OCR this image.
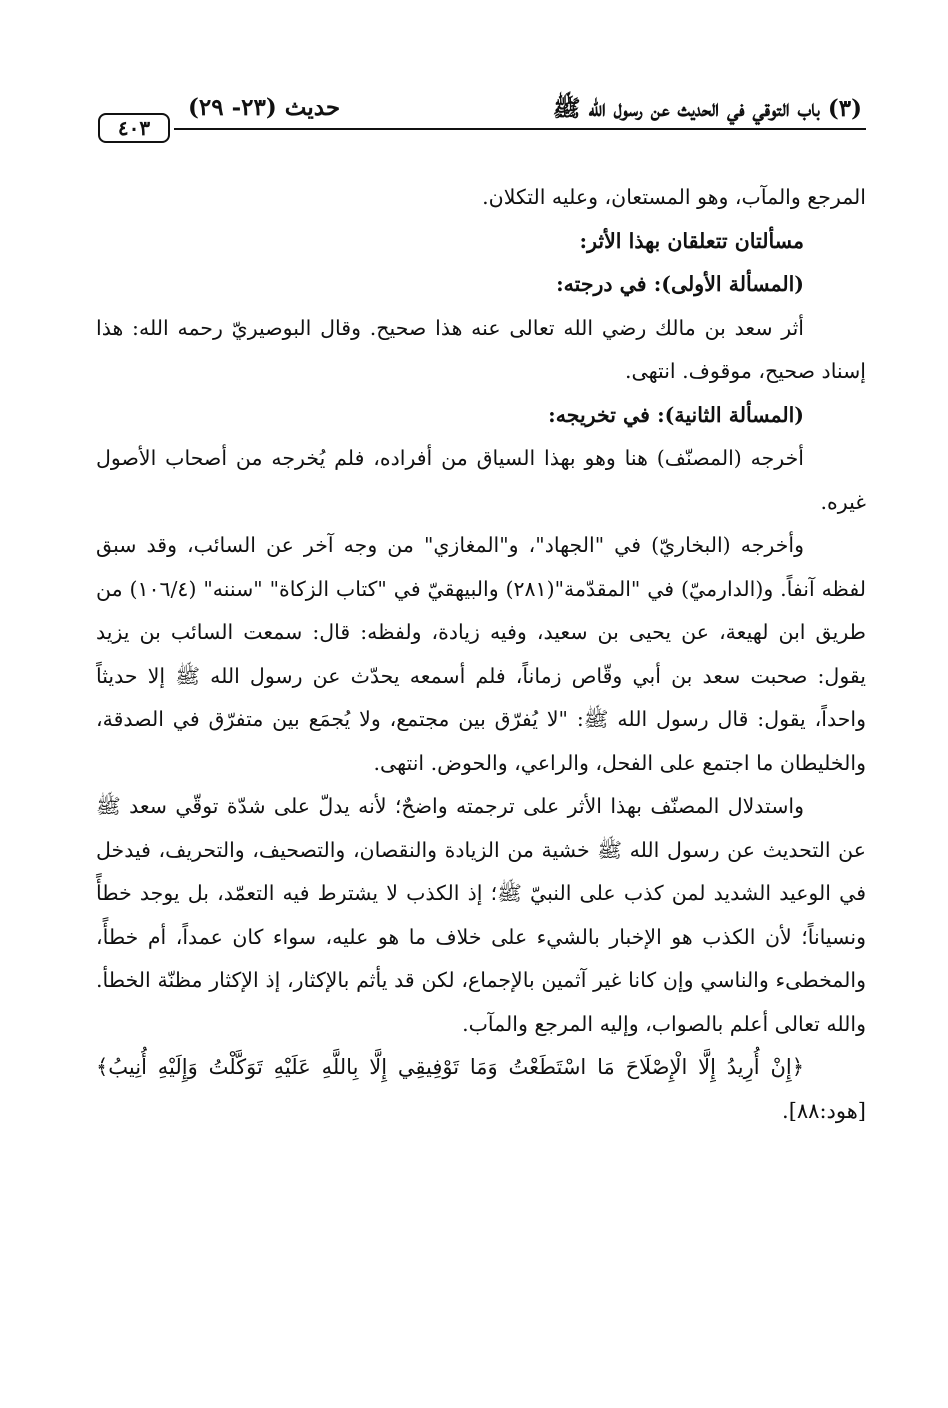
(٣) باب التوقي في الحديث عن رسول الله ﷺ
حديث (٢٣- ٢٩)
٤٠٣

المرجع والمآب، وهو المستعان، وعليه التكلان.

مسألتان تتعلقان بهذا الأثر:

(المسألة الأولى): في درجته:

أثر سعد بن مالك رضي الله تعالى عنه هذا صحيح. وقال البوصيريّ رحمه الله: هذا إسناد صحيح، موقوف. انتهى.

(المسألة الثانية): في تخريجه:

أخرجه (المصنّف) هنا وهو بهذا السياق من أفراده، فلم يُخرجه من أصحاب الأصول غيره.

وأخرجه (البخاريّ) في "الجهاد"، و"المغازي" من وجه آخر عن السائب، وقد سبق لفظه آنفاً. و(الدارميّ) في "المقدّمة"(٢٨١) والبيهقيّ في "كتاب الزكاة" "سننه" (١٠٦/٤) من طريق ابن لهيعة، عن يحيى بن سعيد، وفيه زيادة، ولفظه: قال: سمعت السائب بن يزيد يقول: صحبت سعد بن أبي وقّاص زماناً، فلم أسمعه يحدّث عن رسول الله ﷺ إلا حديثاً واحداً، يقول: قال رسول الله ﷺ: "لا يُفرّق بين مجتمع، ولا يُجمَع بين متفرّق في الصدقة، والخليطان ما اجتمع على الفحل، والراعي، والحوض. انتهى.

واستدلال المصنّف بهذا الأثر على ترجمته واضحٌ؛ لأنه يدلّ على شدّة توقّي سعد ﷺ عن التحديث عن رسول الله ﷺ خشية من الزيادة والنقصان، والتصحيف، والتحريف، فيدخل في الوعيد الشديد لمن كذب على النبيّ ﷺ؛ إذ الكذب لا يشترط فيه التعمّد، بل يوجد خطأً ونسياناً؛ لأن الكذب هو الإخبار بالشيء على خلاف ما هو عليه، سواء كان عمداً، أم خطأً، والمخطىء والناسي وإن كانا غير آثمين بالإجماع، لكن قد يأثم بالإكثار، إذ الإكثار مظنّة الخطأ. والله تعالى أعلم بالصواب، وإليه المرجع والمآب.

﴿إِنْ أُرِيدُ إِلَّا الْإِصْلَاحَ مَا اسْتَطَعْتُ وَمَا تَوْفِيقِي إِلَّا بِاللَّهِ عَلَيْهِ تَوَكَّلْتُ وَإِلَيْهِ أُنِيبُ﴾ [هود:٨٨].
